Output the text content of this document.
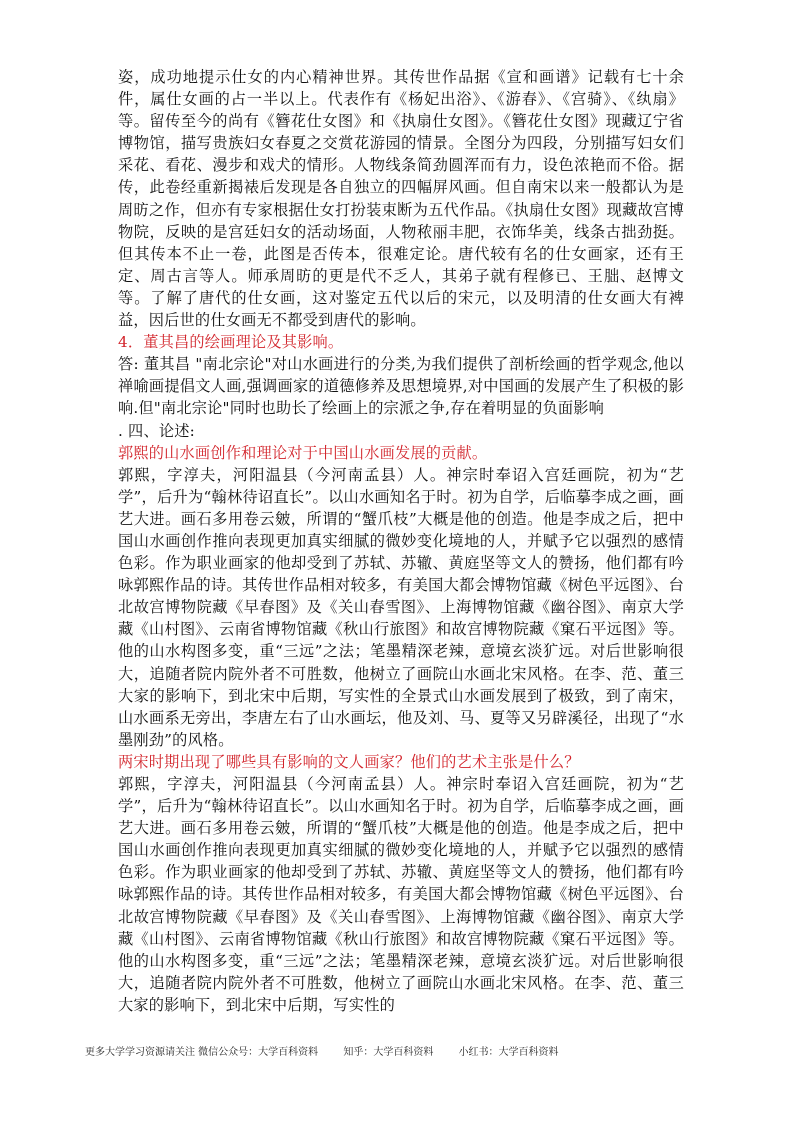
姿，成功地提示仕女的内心精神世界。其传世作品据《宣和画谱》记载有七十余件，属仕女画的占一半以上。代表作有《杨妃出浴》、《游春》、《宫骑》、《纨扇》等。留传至今的尚有《簪花仕女图》和《执扇仕女图》。《簪花仕女图》现藏辽宁省博物馆，描写贵族妇女春夏之交赏花游园的情景。全图分为四段，分别描写妇女们采花、看花、漫步和戏犬的情形。人物线条简劲圆浑而有力，设色浓艳而不俗。据传，此卷经重新揭裱后发现是各自独立的四幅屏风画。但自南宋以来一般都认为是周昉之作，但亦有专家根据仕女打扮装束断为五代作品。《执扇仕女图》现藏故宫博物院，反映的是宫廷妇女的活动场面，人物秾丽丰肥，衣饰华美，线条古拙劲挺。但其传本不止一卷，此图是否传本，很难定论。唐代较有名的仕女画家，还有王定、周古言等人。师承周昉的更是代不乏人，其弟子就有程修已、王朏、赵博文等。了解了唐代的仕女画，这对鉴定五代以后的宋元，以及明清的仕女画大有裨益，因后世的仕女画无不都受到唐代的影响。

4．董其昌的绘画理论及其影响。

答: 董其昌 "南北宗论"对山水画进行的分类,为我们提供了剖析绘画的哲学观念,他以禅喻画提倡文人画,强调画家的道德修养及思想境界,对中国画的发展产生了积极的影响.但"南北宗论"同时也助长了绘画上的宗派之争,存在着明显的负面影响

. 四、论述:

郭熙的山水画创作和理论对于中国山水画发展的贡献。

郭熙，字淳夫，河阳温县（今河南孟县）人。神宗时奉诏入宫廷画院，初为“艺学”，后升为“翰林待诏直长”。以山水画知名于时。初为自学，后临摹李成之画，画艺大进。画石多用卷云皴，所谓的“蟹爪枝”大概是他的创造。他是李成之后，把中国山水画创作推向表现更加真实细腻的微妙变化境地的人，并赋予它以强烈的感情色彩。作为职业画家的他却受到了苏轼、苏辙、黄庭坚等文人的赞扬，他们都有吟咏郭熙作品的诗。其传世作品相对较多，有美国大都会博物馆藏《树色平远图》、台北故宫博物院藏《早春图》及《关山春雪图》、上海博物馆藏《幽谷图》、南京大学藏《山村图》、云南省博物馆藏《秋山行旅图》和故宫博物院藏《窠石平远图》等。 他的山水构图多变，重“三远”之法；笔墨精深老辣，意境玄淡犷远。对后世影响很大，追随者院内院外者不可胜数，他树立了画院山水画北宋风格。在李、范、董三大家的影响下，到北宋中后期，写实性的全景式山水画发展到了极致，到了南宋，山水画系无旁出，李唐左右了山水画坛，他及刘、马、夏等又另辟溪径，出现了“水墨刚劲”的风格。

两宋时期出现了哪些具有影响的文人画家？他们的艺术主张是什么？

郭熙，字淳夫，河阳温县（今河南孟县）人。神宗时奉诏入宫廷画院，初为“艺学”，后升为“翰林待诏直长”。以山水画知名于时。初为自学，后临摹李成之画，画艺大进。画石多用卷云皴，所谓的“蟹爪枝”大概是他的创造。他是李成之后，把中国山水画创作推向表现更加真实细腻的微妙变化境地的人，并赋予它以强烈的感情色彩。作为职业画家的他却受到了苏轼、苏辙、黄庭坚等文人的赞扬，他们都有吟咏郭熙作品的诗。其传世作品相对较多，有美国大都会博物馆藏《树色平远图》、台北故宫博物院藏《早春图》及《关山春雪图》、上海博物馆藏《幽谷图》、南京大学藏《山村图》、云南省博物馆藏《秋山行旅图》和故宫博物院藏《窠石平远图》等。 他的山水构图多变，重“三远”之法；笔墨精深老辣，意境玄淡犷远。对后世影响很大，追随者院内院外者不可胜数，他树立了画院山水画北宋风格。在李、范、董三大家的影响下，到北宋中后期，写实性的

更多大学学习资源请关注 微信公众号：大学百科资料	知乎：大学百科资料	小红书：大学百科资料
